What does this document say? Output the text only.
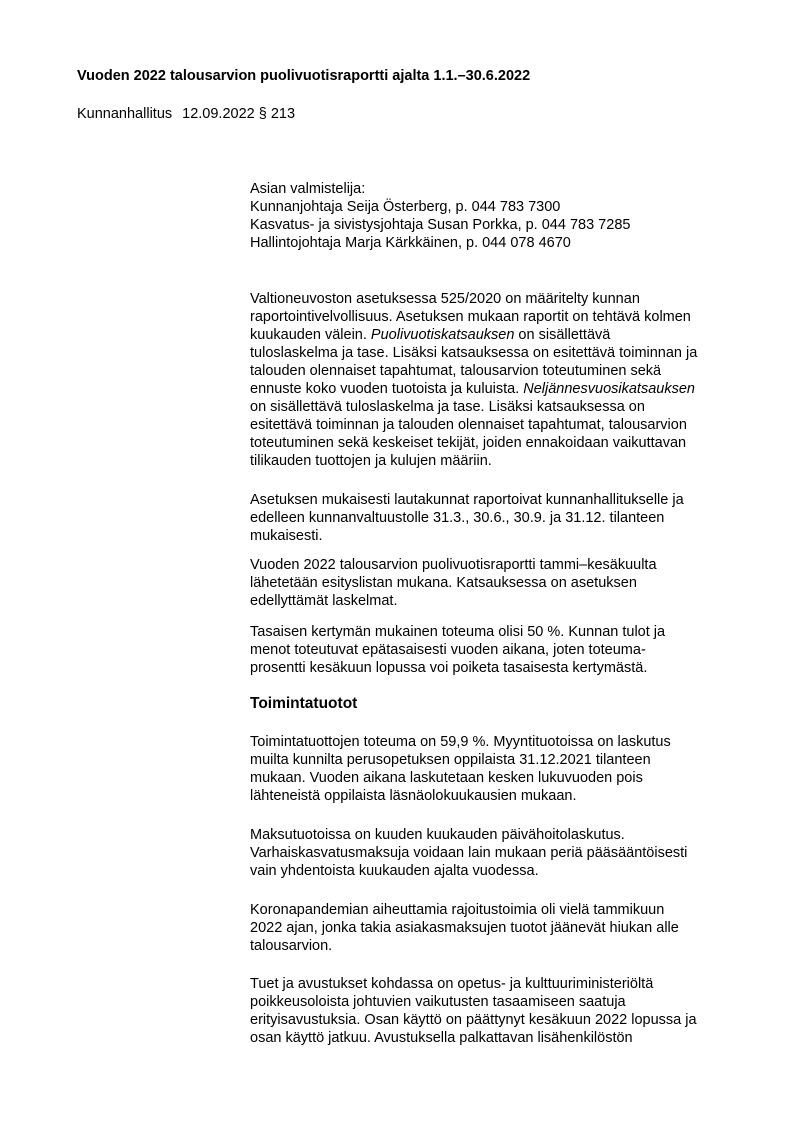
Vuoden 2022 talousarvion puolivuotisraportti ajalta 1.1.–30.6.2022
Kunnanhallitus 12.09.2022 § 213
Asian valmistelija:
Kunnanjohtaja Seija Österberg, p. 044 783 7300
Kasvatus- ja sivistysjohtaja Susan Porkka, p. 044 783 7285
Hallintojohtaja Marja Kärkkäinen, p. 044 078 4670
Valtioneuvoston asetuksessa 525/2020 on määritelty kunnan
raportointivelvollisuus. Asetuksen mukaan raportit on tehtävä kolmen
kuukauden välein. Puolivuotiskatsauksen on sisällettävä
tuloslaskelma ja tase. Lisäksi katsauksessa on esitettävä toiminnan ja
talouden olennaiset tapahtumat, talousarvion toteutuminen sekä
ennuste koko vuoden tuotoista ja kuluista. Neljännesvuosikatsauksen
on sisällettävä tuloslaskelma ja tase. Lisäksi katsauksessa on
esitettävä toiminnan ja talouden olennaiset tapahtumat, talousarvion
toteutuminen sekä keskeiset tekijät, joiden ennakoidaan vaikuttavan
tilikauden tuottojen ja kulujen määriin.
Asetuksen mukaisesti lautakunnat raportoivat kunnanhallitukselle ja
edelleen kunnanvaltuustolle 31.3., 30.6., 30.9. ja 31.12. tilanteen
mukaisesti.
Vuoden 2022 talousarvion puolivuotisraportti tammi–kesäkuulta
lähetetään esityslistan mukana. Katsauksessa on asetuksen
edellyttämät laskelmat.
Tasaisen kertymän mukainen toteuma olisi 50 %. Kunnan tulot ja
menot toteutuvat epätasaisesti vuoden aikana, joten toteuma-
prosentti kesäkuun lopussa voi poiketa tasaisesta kertymästä.
Toimintatuotot
Toimintatuottojen toteuma on 59,9 %. Myyntituotoissa on laskutus
muilta kunnilta perusopetuksen oppilaista 31.12.2021 tilanteen
mukaan. Vuoden aikana laskutetaan kesken lukuvuoden pois
lähteneistä oppilaista läsnäolokuukausien mukaan.
Maksutuotoissa on kuuden kuukauden päivähoitolaskutus.
Varhaiskasvatusmaksuja voidaan lain mukaan periä pääsääntöisesti
vain yhdentoista kuukauden ajalta vuodessa.
Koronapandemian aiheuttamia rajoitustoimia oli vielä tammikuun
2022 ajan, jonka takia asiakasmaksujen tuotot jäänevät hiukan alle
talousarvion.
Tuet ja avustukset kohdassa on opetus- ja kulttuuriministeriöltä
poikkeusoloista johtuvien vaikutusten tasaamiseen saatuja
erityisavustuksia. Osan käyttö on päättynyt kesäkuun 2022 lopussa ja
osan käyttö jatkuu. Avustuksella palkattavan lisähenkilöstön
